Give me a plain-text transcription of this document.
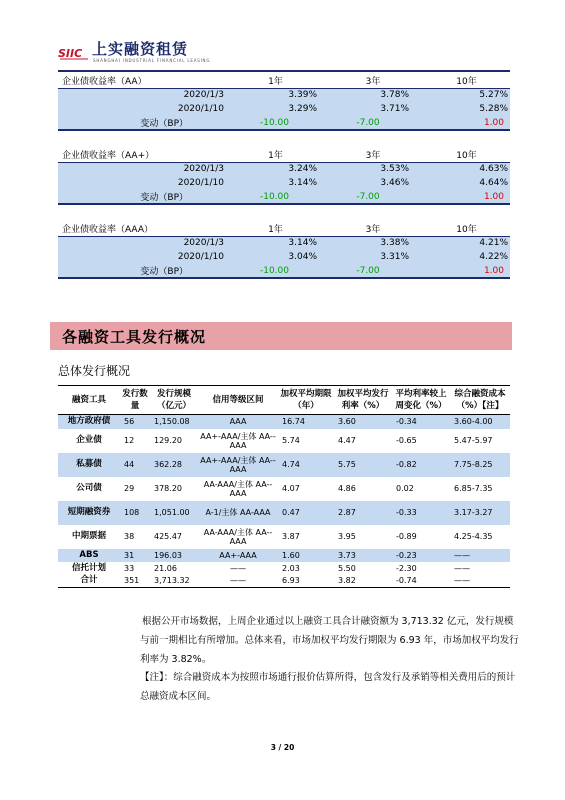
SIIC 上实融资租赁
SHANGHAI INDUSTRIAL FINANCIAL LEASING
企业债收益率（AA）	1年	3年	10年
2020/1/3	3.39%	3.78%	5.27%
2020/1/10	3.29%	3.71%	5.28%
变动（BP）	-10.00	-7.00	1.00
企业债收益率（AA+）	1年	3年	10年
2020/1/3	3.24%	3.53%	4.63%
2020/1/10	3.14%	3.46%	4.64%
变动（BP）	-10.00	-7.00	1.00
企业债收益率（AAA）	1年	3年	10年
2020/1/3	3.14%	3.38%	4.21%
2020/1/10	3.04%	3.31%	4.22%
变动（BP）	-10.00	-7.00	1.00
各融资工具发行概况
总体发行概况
融资工具	发行数量	发行规模（亿元）	信用等级区间	加权平均期限（年）	加权平均发行利率（%）	平均利率较上周变化（%）	综合融资成本（%）【注】
地方政府债	56	1,150.08	AAA	16.74	3.60	-0.34	3.60-4.00
企业债	12	129.20	AA+-AAA/主体 AA--AAA	5.74	4.47	-0.65	5.47-5.97
私募债	44	362.28	AA+-AAA/主体 AA--AAA	4.74	5.75	-0.82	7.75-8.25
公司债	29	378.20	AA-AAA/主体 AA--AAA	4.07	4.86	0.02	6.85-7.35
短期融资券	108	1,051.00	A-1/主体 AA-AAA	0.47	2.87	-0.33	3.17-3.27
中期票据	38	425.47	AA-AAA/主体 AA--AAA	3.87	3.95	-0.89	4.25-4.35
ABS	31	196.03	AA+-AAA	1.60	3.73	-0.23	——
信托计划	33	21.06	——	2.03	5.50	-2.30	——
合计	351	3,713.32	——	6.93	3.82	-0.74	——
根据公开市场数据，上周企业通过以上融资工具合计融资额为 3,713.32 亿元，发行规模与前一期相比有所增加。总体来看，市场加权平均发行期限为 6.93 年，市场加权平均发行利率为 3.82%。
【注】：综合融资成本为按照市场通行报价估算所得，包含发行及承销等相关费用后的预计总融资成本区间。
3 / 20
